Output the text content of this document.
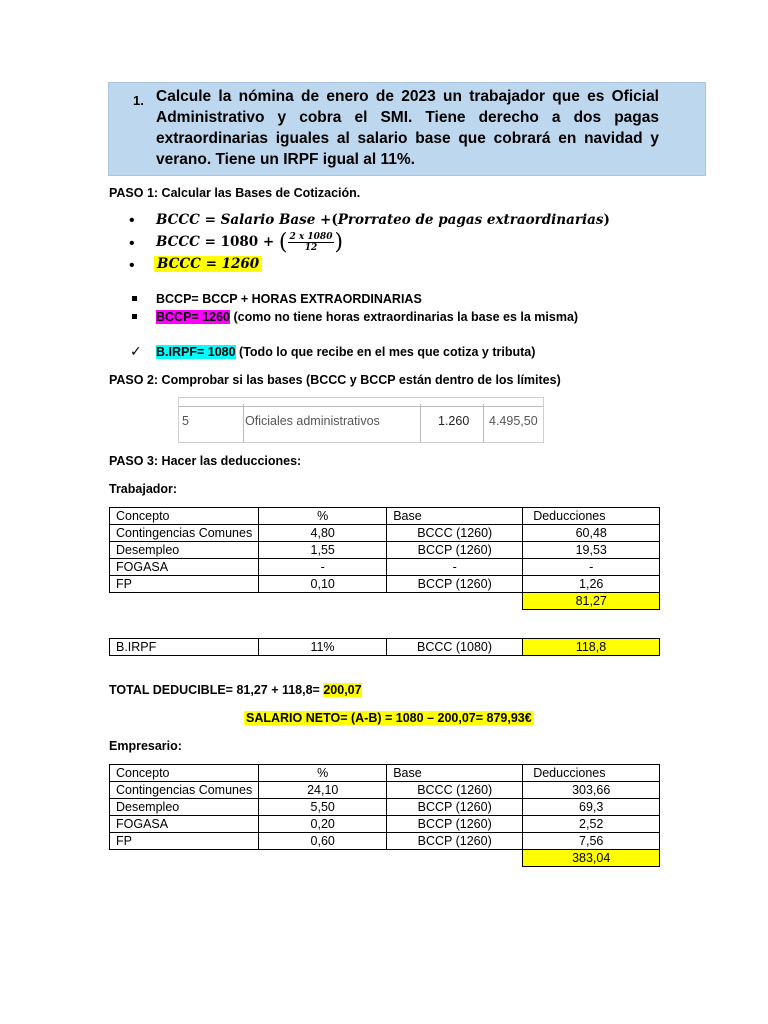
1. Calcule la nómina de enero de 2023 un trabajador que es Oficial Administrativo y cobra el SMI. Tiene derecho a dos pagas extraordinarias iguales al salario base que cobrará en navidad y verano. Tiene un IRPF igual al 11%.
PASO 1: Calcular las Bases de Cotización.
• BCCC = Salario Base +(Prorrateo de pagas extraordinarias)
• BCCC = 1080 + ( $\frac{2 x 1080}{12}$ )
• BCCC = 1260
BCCP= BCCP + HORAS EXTRAORDINARIAS
BCCP= 1260 (como no tiene horas extraordinarias la base es la misma)
✓ B.IRPF= 1080 (Todo lo que recibe en el mes que cotiza y tributa)
PASO 2: Comprobar si las bases (BCCC y BCCP están dentro de los límites)
5	Oficiales administrativos	1.260 4.495,50
PASO 3: Hacer las deducciones:
Trabajador:
Concepto	%	Base	Deducciones
Contingencias Comunes	4,80	BCCC (1260)	60,48
Desempleo	1,55	BCCP (1260)	19,53
FOGASA	-	-	-
FP	0,10	BCCP (1260)	1,26
			81,27
B.IRPF	11%	BCCC (1080)	118,8
TOTAL DEDUCIBLE= 81,27 + 118,8= 200,07
SALARIO NETO= (A-B) = 1080 – 200,07= 879,93€
Empresario:
Concepto	%	Base	Deducciones
Contingencias Comunes	24,10	BCCC (1260)	303,66
Desempleo	5,50	BCCP (1260)	69,3
FOGASA	0,20	BCCP (1260)	2,52
FP	0,60	BCCP (1260)	7,56
			383,04
